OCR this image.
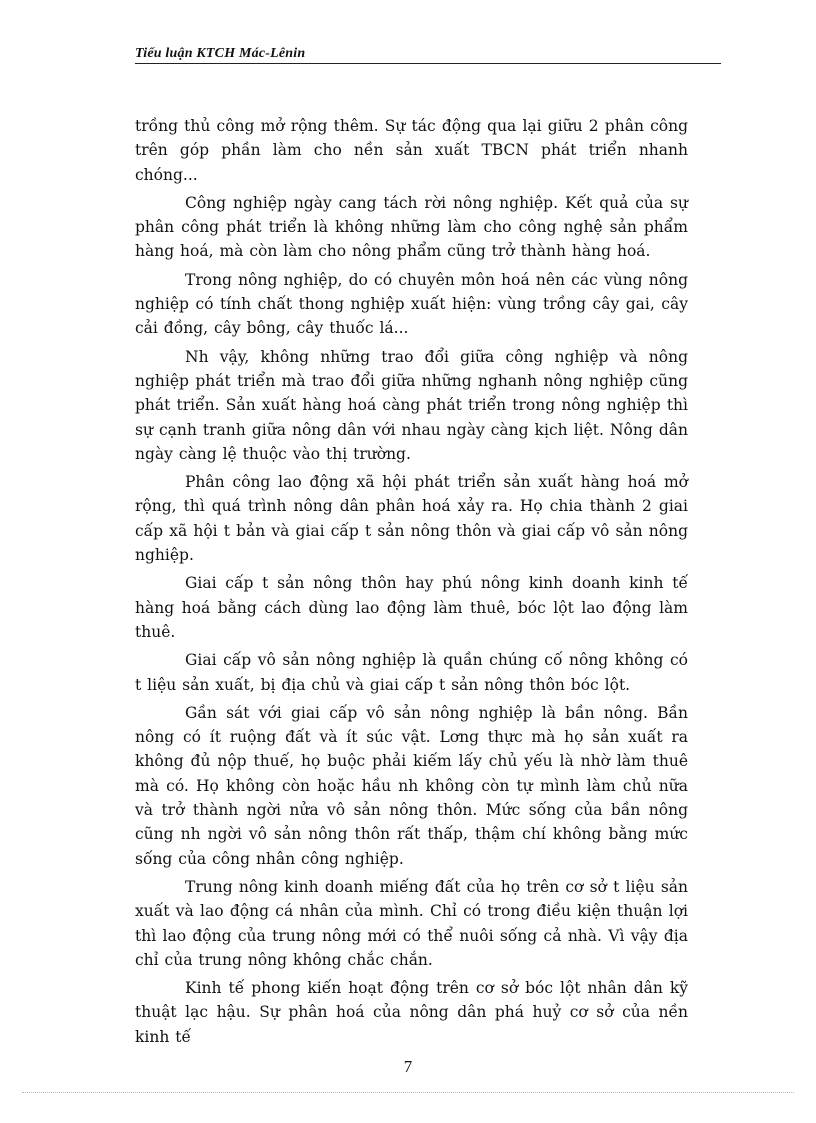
Tiểu luận KTCH Mác-Lênin

trồng thủ công mở rộng thêm. Sự tác động qua lại giữu 2 phân công trên góp phần làm cho nền sản xuất TBCN phát triển nhanh chóng...

Công nghiệp ngày cang tách rời nông nghiệp. Kết quả của sự phân công phát triển là không những làm cho công nghệ sản phẩm hàng hoá, mà còn làm cho nông phẩm cũng trở thành hàng hoá.

Trong nông nghiệp, do có chuyên môn hoá nên các vùng nông nghiệp có tính chất thong nghiệp xuất hiện: vùng trồng cây gai, cây cải đồng, cây bông, cây thuốc lá...

Nh vậy, không những trao đổi giữa công nghiệp và nông nghiệp phát triển mà trao đổi giữa những nghanh nông nghiệp cũng phát triển. Sản xuất hàng hoá càng phát triển trong nông nghiệp thì sự cạnh tranh giữa nông dân với nhau ngày càng kịch liệt. Nông dân ngày càng lệ thuộc vào thị trường.

Phân công lao động xã hội phát triển sản xuất hàng hoá mở rộng, thì quá trình nông dân phân hoá xảy ra. Họ chia thành 2 giai cấp xã hội t bản và giai cấp t sản nông thôn và giai cấp vô sản nông nghiệp.

Giai cấp t sản nông thôn hay phú nông kinh doanh kinh tế hàng hoá bằng cách dùng lao động làm thuê, bóc lột lao động làm thuê.

Giai cấp vô sản nông nghiệp là quần chúng cố nông không có t liệu sản xuất, bị địa chủ và giai cấp t sản nông thôn bóc lột.

Gần sát với giai cấp vô sản nông nghiệp là bần nông. Bần nông có ít ruộng đất và ít súc vật. Lơng thực mà họ sản xuất ra không đủ nộp thuế, họ buộc phải kiếm lấy chủ yếu là nhờ làm thuê mà có. Họ không còn hoặc hầu nh không còn tự mình làm chủ nữa và trở thành ngời nửa vô sản nông thôn. Mức sống của bần nông cũng nh ngời vô sản nông thôn rất thấp, thậm chí không bằng mức sống của công nhân công nghiệp.

Trung nông kinh doanh miếng đất của họ trên cơ sở t liệu sản xuất và lao động cá nhân của mình. Chỉ có trong điều kiện thuận lợi thì lao động của trung nông mới có thể nuôi sống cả nhà. Vì vậy địa chỉ của trung nông không chắc chắn.

Kinh tế phong kiến hoạt động trên cơ sở bóc lột nhân dân kỹ thuật lạc hậu. Sự phân hoá của nông dân phá huỷ cơ sở của nền kinh tế

7
